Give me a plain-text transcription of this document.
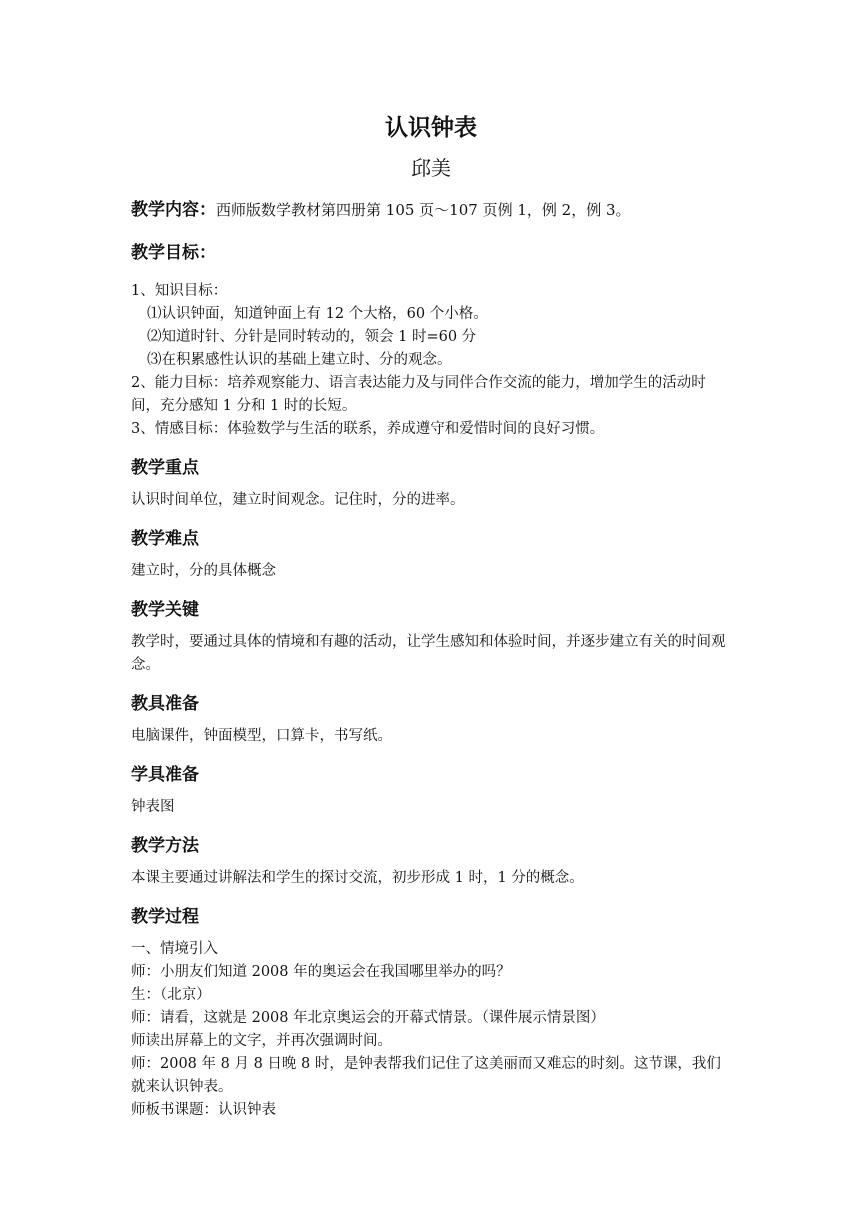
认识钟表

邱美

教学内容：西师版数学教材第四册第 105 页～107 页例 1，例 2，例 3。
教学目标：

1、知识目标：

⑴认识钟面，知道钟面上有 12 个大格，60 个小格。

⑵知道时针、分针是同时转动的，领会 1 时=60 分

⑶在积累感性认识的基础上建立时、分的观念。

2、能力目标：培养观察能力、语言表达能力及与同伴合作交流的能力，增加学生的活动时间，充分感知 1 分和 1 时的长短。

3、情感目标：体验数学与生活的联系，养成遵守和爱惜时间的良好习惯。

教学重点

认识时间单位，建立时间观念。记住时，分的进率。

教学难点

建立时，分的具体概念

教学关键

教学时，要通过具体的情境和有趣的活动，让学生感知和体验时间，并逐步建立有关的时间观念。

教具准备

电脑课件，钟面模型，口算卡，书写纸。

学具准备

钟表图

教学方法

本课主要通过讲解法和学生的探讨交流，初步形成 1 时，1 分的概念。

教学过程

一、情境引入

师：小朋友们知道 2008 年的奥运会在我国哪里举办的吗？

生：（北京）

师：请看，这就是 2008 年北京奥运会的开幕式情景。（课件展示情景图）

师读出屏幕上的文字，并再次强调时间。

师：2008 年 8 月 8 日晚 8 时，是钟表帮我们记住了这美丽而又难忘的时刻。这节课，我们就来认识钟表。

师板书课题：认识钟表
